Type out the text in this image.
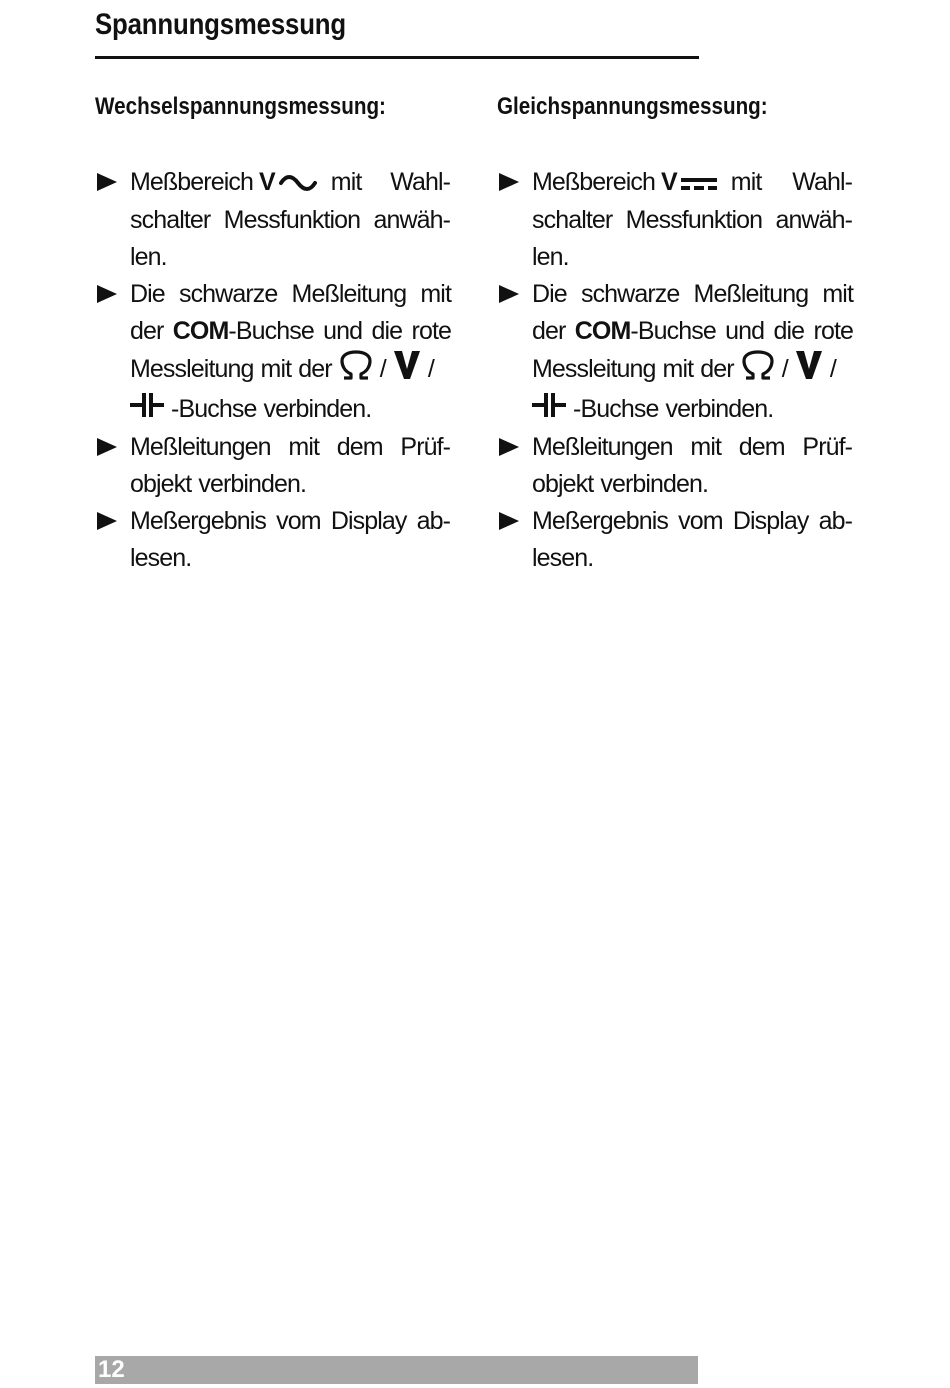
Spannungsmessung
Wechselspannungsmessung:
Meßbereich V mit Wahlschalter Messfunktion anwählen.
Die schwarze Meßleitung mit der COM-Buchse und die rote Messleitung mit der / /
-Buchse verbinden.
Meßleitungen mit dem Prüfobjekt verbinden.
Meßergebnis vom Display ablesen.
Gleichspannungsmessung:
Meßbereich V mit Wahlschalter Messfunktion anwählen.
Die schwarze Meßleitung mit der COM-Buchse und die rote Messleitung mit der / /
-Buchse verbinden.
Meßleitungen mit dem Prüfobjekt verbinden.
Meßergebnis vom Display ablesen.
12
